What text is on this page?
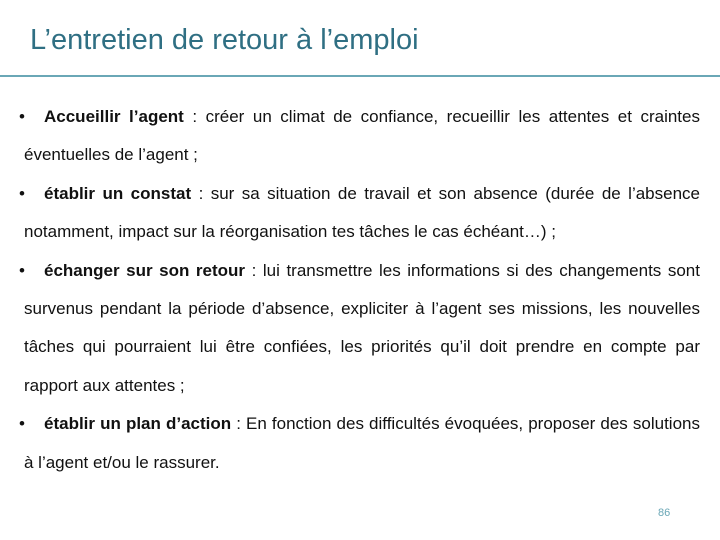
L’entretien de retour à l’emploi

• Accueillir l’agent : créer un climat de confiance, recueillir les attentes et craintes éventuelles de l’agent ;

• établir un constat : sur sa situation de travail et son absence (durée de l’absence notamment, impact sur la réorganisation tes tâches le cas échéant…) ;

• échanger sur son retour : lui transmettre les informations si des changements sont survenus pendant la période d’absence, expliciter à l’agent ses missions, les nouvelles tâches qui pourraient lui être confiées, les priorités qu’il doit prendre en compte par rapport aux attentes ;

• établir un plan d’action : En fonction des difficultés évoquées, proposer des solutions à l’agent et/ou le rassurer.

86
